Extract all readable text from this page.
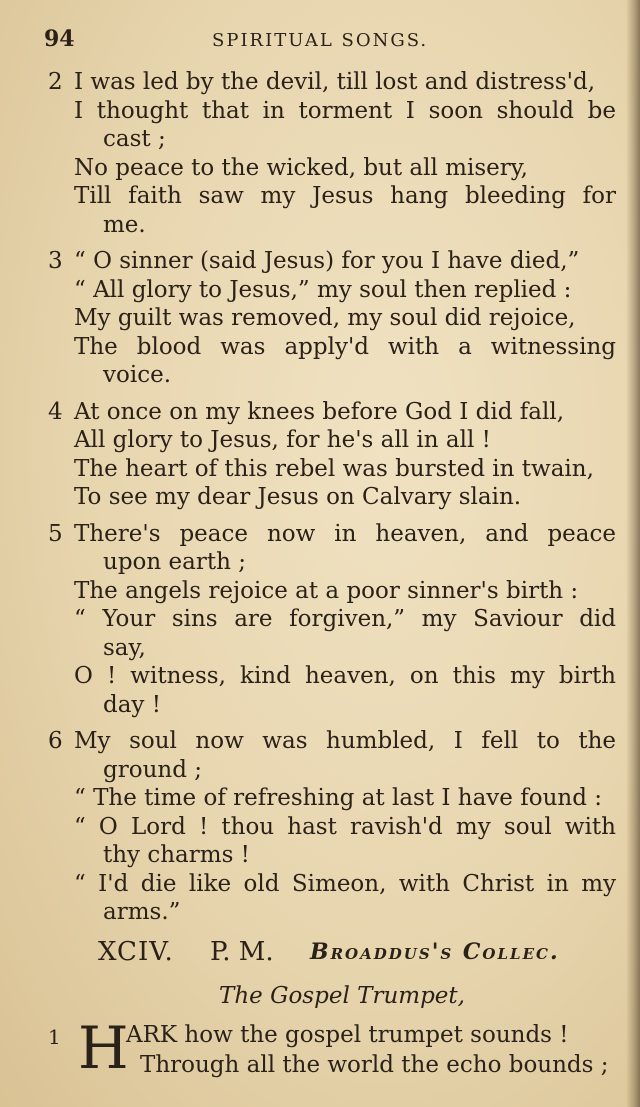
94	SPIRITUAL SONGS.
2 I was led by the devil, till lost and distress'd,
I thought that in torment I soon should be
cast ;
No peace to the wicked, but all misery,
Till faith saw my Jesus hang bleeding for
me.
3 “ O sinner (said Jesus) for you I have died,”
“ All glory to Jesus,” my soul then replied :
My guilt was removed, my soul did rejoice,
The blood was apply'd with a witnessing
voice.
4 At once on my knees before God I did fall,
All glory to Jesus, for he's all in all !
The heart of this rebel was bursted in twain,
To see my dear Jesus on Calvary slain.
5 There's peace now in heaven, and peace
upon earth ;
The angels rejoice at a poor sinner's birth :
“ Your sins are forgiven,” my Saviour did
say,
O ! witness, kind heaven, on this my birth
day !
6 My soul now was humbled, I fell to the
ground ;
“ The time of refreshing at last I have found :
“ O Lord ! thou hast ravish'd my soul with
thy charms !
“ I'd die like old Simeon, with Christ in my
arms.”
XCIV. P. M. Broaddus's Collec.
The Gospel Trumpet,
1 H
ARK how the gospel trumpet sounds !
Through all the world the echo bounds ;
